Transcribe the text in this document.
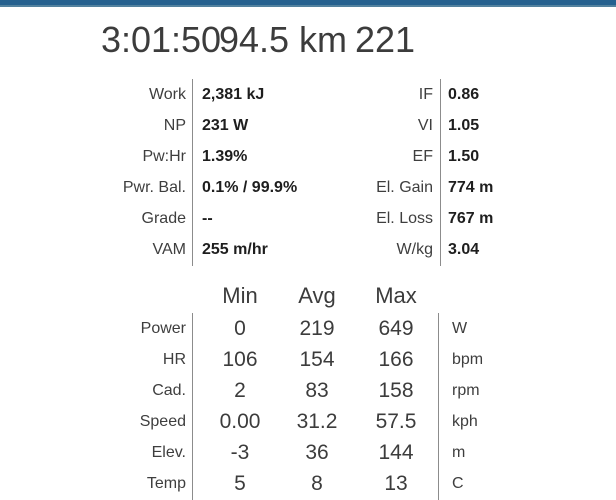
3:01:50
94.5 km 221
Work 2,381 kJ	IF 0.86
NP 231 W	VI 1.05
Pw:Hr 1.39%	EF 1.50
Pwr. Bal. 0.1% / 99.9%	El. Gain 774 m
Grade --	El. Loss 767 m
VAM 255 m/hr	W/kg 3.04
Min Avg Max
Power 0	219 649 W
HR 106 154 166 bpm
Cad. 2	83 158 rpm
Speed 0.00 31.2 57.5 kph
Elev. -3	36 144 m
Temp 5	8	13	C
